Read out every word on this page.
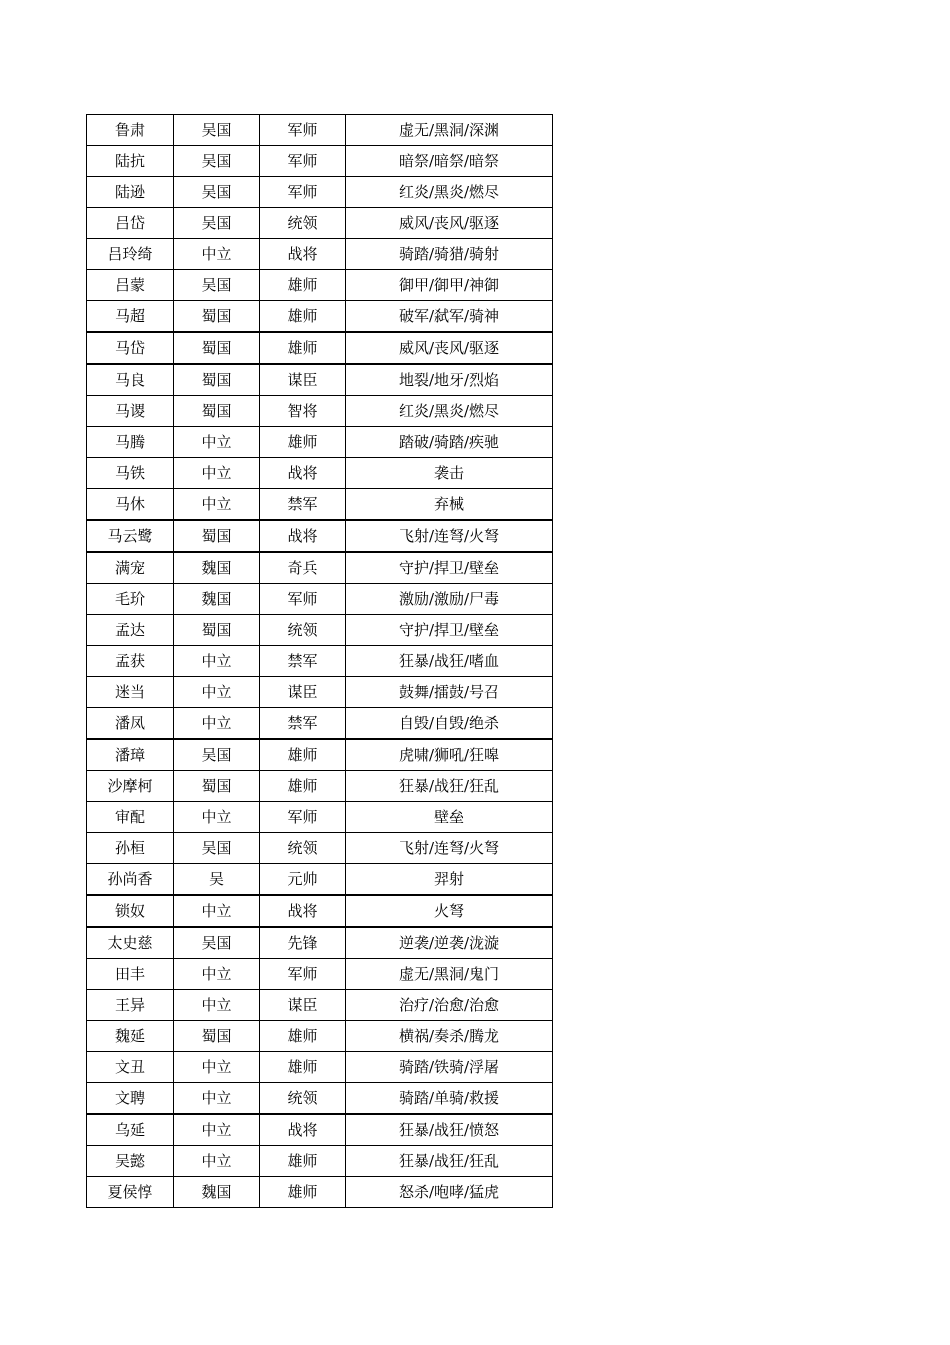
鲁肃	吴国	军师	虚无/黑洞/深渊
陆抗	吴国	军师	暗祭/暗祭/暗祭
陆逊	吴国	军师	红炎/黑炎/燃尽
吕岱	吴国	统领	威风/丧风/驱逐
吕玲绮	中立	战将	骑踏/骑猎/骑射
吕蒙	吴国	雄师	御甲/御甲/神御
马超	蜀国	雄师	破军/弑军/骑神
马岱	蜀国	雄师	威风/丧风/驱逐
马良	蜀国	谋臣	地裂/地牙/烈焰
马谡	蜀国	智将	红炎/黑炎/燃尽
马腾	中立	雄师	踏破/骑踏/疾驰
马铁	中立	战将	袭击
马休	中立	禁军	弃械
马云鹭	蜀国	战将	飞射/连弩/火弩
满宠	魏国	奇兵	守护/捍卫/壁垒
毛玠	魏国	军师	激励/激励/尸毒
孟达	蜀国	统领	守护/捍卫/壁垒
孟获	中立	禁军	狂暴/战狂/嗜血
迷当	中立	谋臣	鼓舞/擂鼓/号召
潘凤	中立	禁军	自毁/自毁/绝杀
潘璋	吴国	雄师	虎啸/狮吼/狂嗥
沙摩柯	蜀国	雄师	狂暴/战狂/狂乱
审配	中立	军师	壁垒
孙桓	吴国	统领	飞射/连弩/火弩
孙尚香	吴	元帅	羿射
锁奴	中立	战将	火弩
太史慈	吴国	先锋	逆袭/逆袭/泷漩
田丰	中立	军师	虚无/黑洞/鬼门
王异	中立	谋臣	治疗/治愈/治愈
魏延	蜀国	雄师	横祸/奏杀/腾龙
文丑	中立	雄师	骑踏/铁骑/浮屠
文聘	中立	统领	骑踏/单骑/救援
乌延	中立	战将	狂暴/战狂/愤怒
吴懿	中立	雄师	狂暴/战狂/狂乱
夏侯惇	魏国	雄师	怒杀/咆哮/猛虎
